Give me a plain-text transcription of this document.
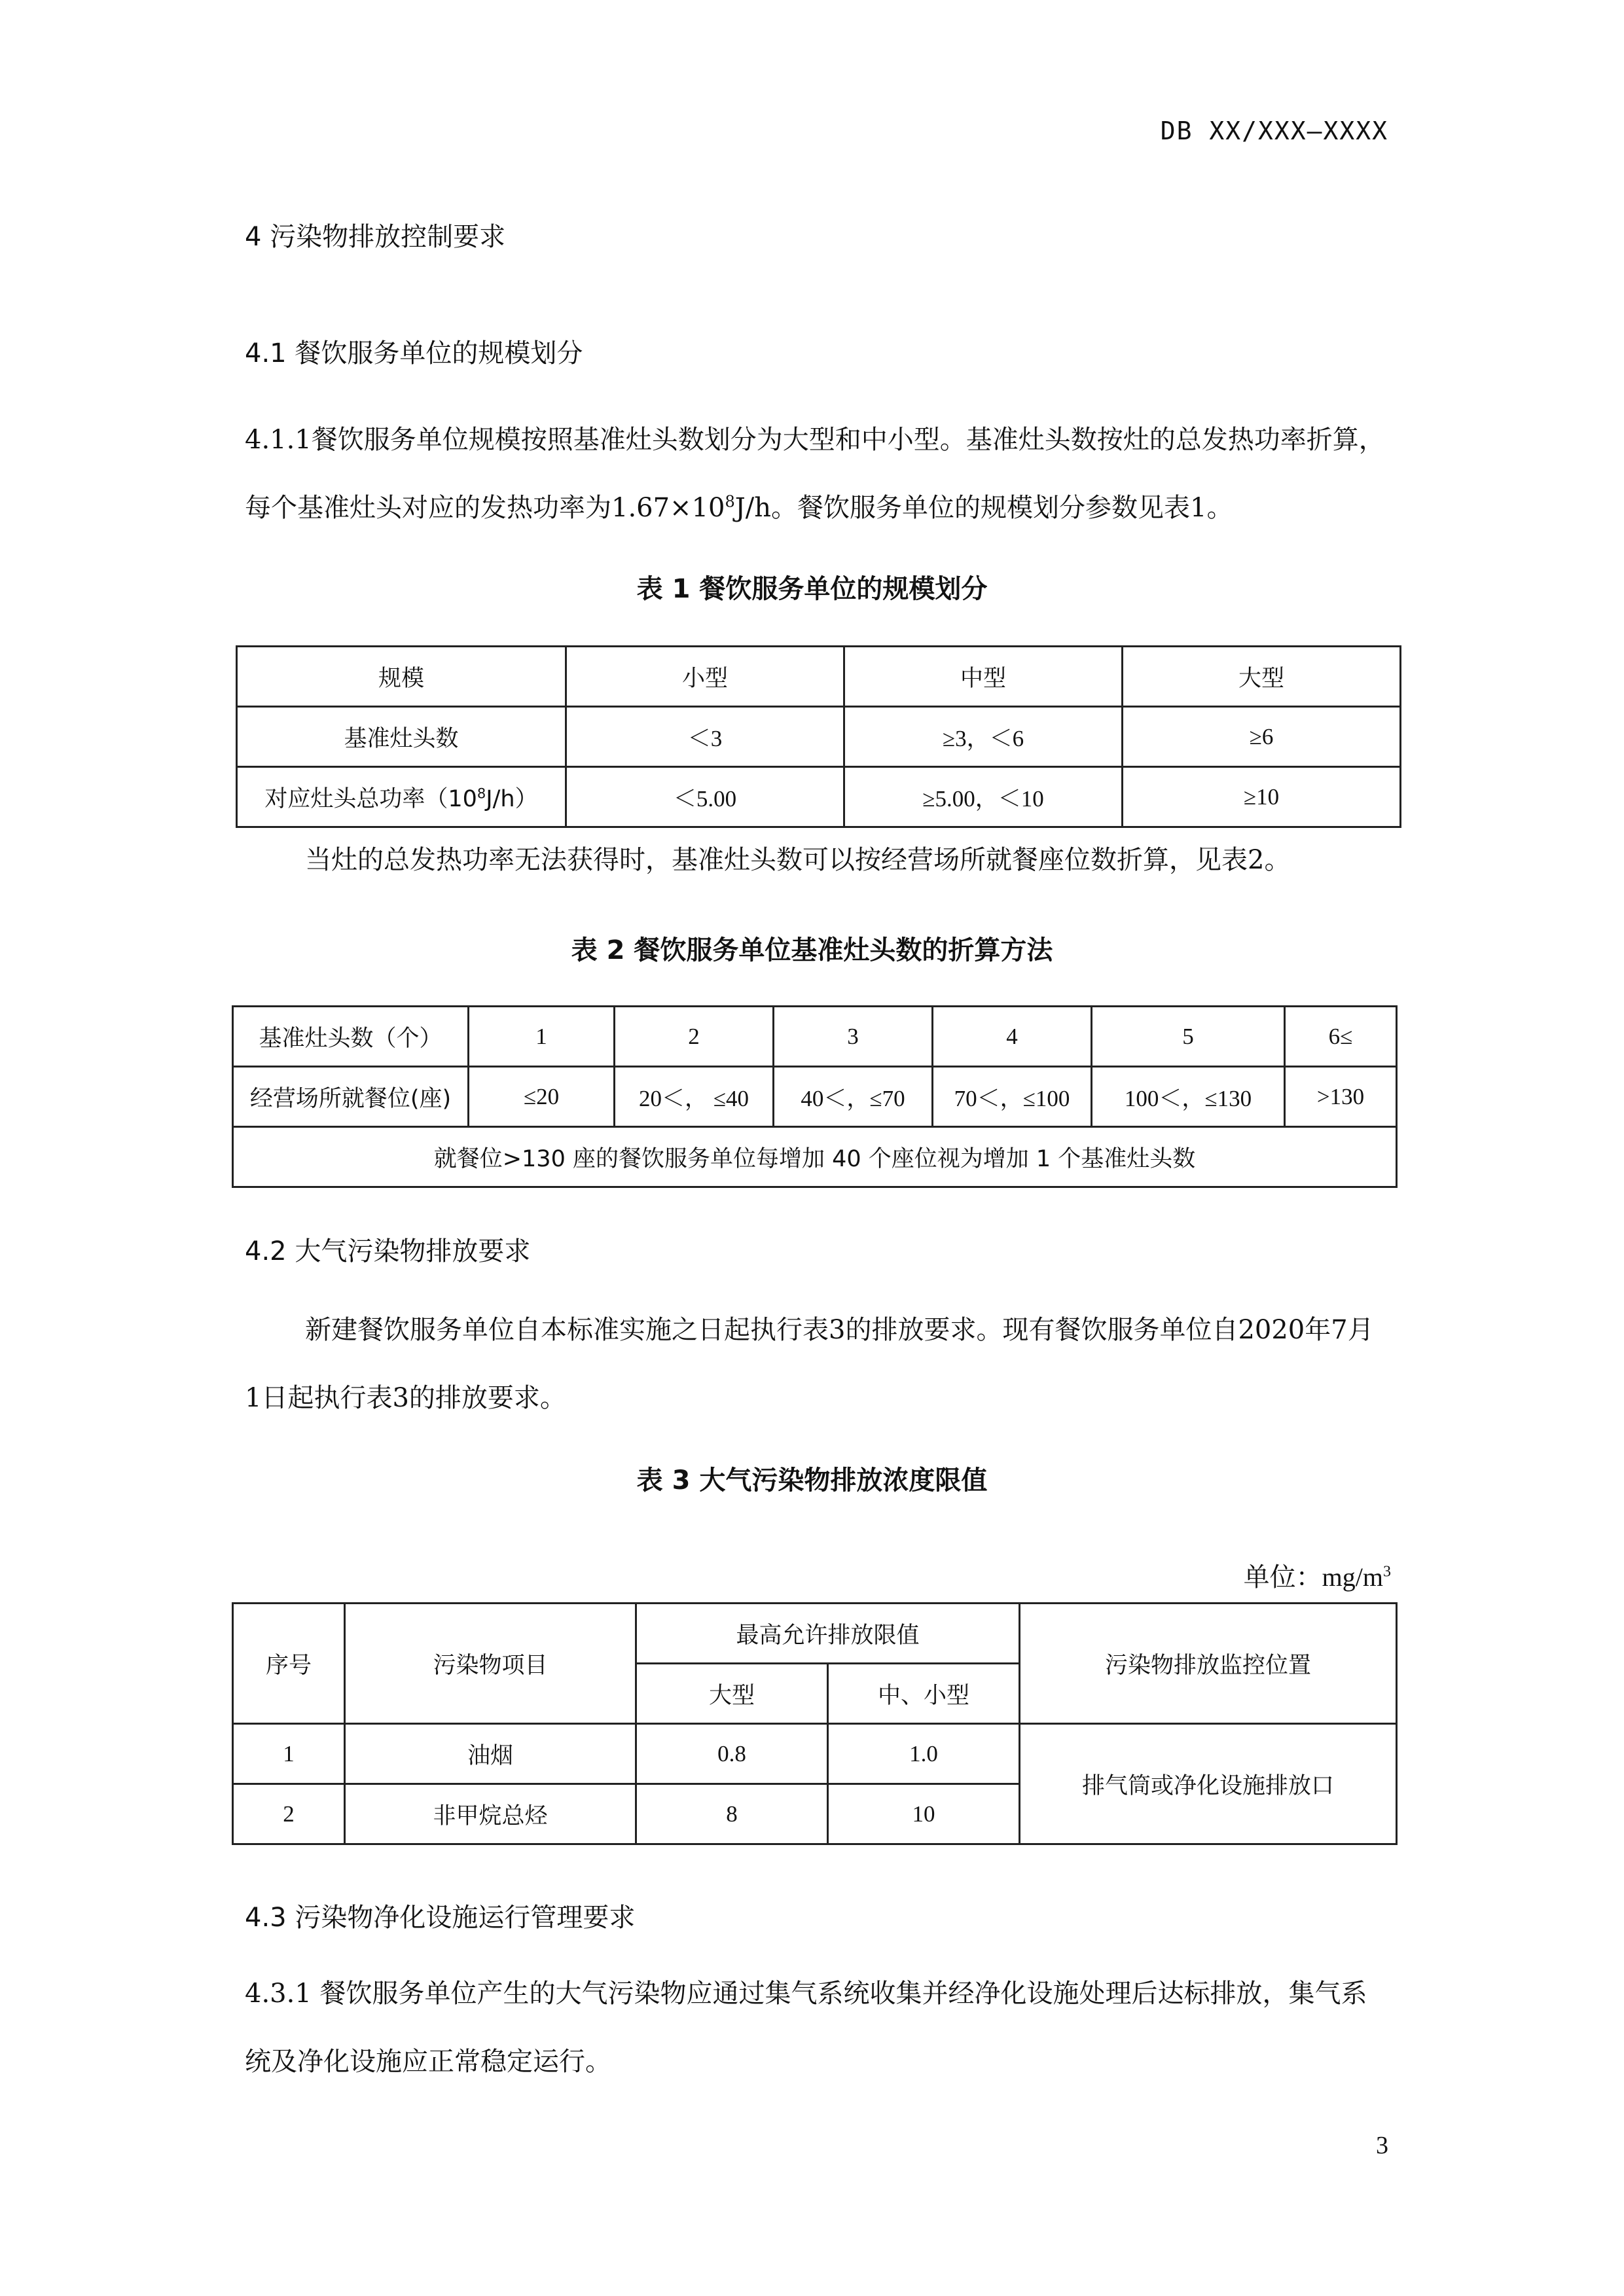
DB XX/XXX—XXXX
4 污染物排放控制要求
4.1 餐饮服务单位的规模划分
4.1.1餐饮服务单位规模按照基准灶头数划分为大型和中小型。基准灶头数按灶的总发热功率折算，每个基准灶头对应的发热功率为$1.67\times 10^8J/h$。餐饮服务单位的规模划分参数见表1。
表 1 餐饮服务单位的规模划分
规模	小型	中型	大型
基准灶头数	＜3	≥3，＜6	≥6
对应灶头总功率$(10^8J/h)$	＜5.00	≥5.00，＜10	≥10
当灶的总发热功率无法获得时，基准灶头数可以按经营场所就餐座位数折算，见表2。
表 2 餐饮服务单位基准灶头数的折算方法
基准灶头数（个）	1	2	3	4	5	6≤
经营场所就餐位(座)	≤20	20＜， ≤40	40＜，≤70	70＜，≤100	100＜，≤130	>130
就餐位>130 座的餐饮服务单位每增加 40 个座位视为增加 1 个基准灶头数						
4.2 大气污染物排放要求
新建餐饮服务单位自本标准实施之日起执行表3的排放要求。现有餐饮服务单位自2020年7月1日起执行表3的排放要求。
表 3 大气污染物排放浓度限值
单位：$mg/m^3$
序号	污染物项目	最高允许排放限值		污染物排放监控位置
		大型	中、小型	
1	油烟	0.8	1.0	排气筒或净化设施排放口
2	非甲烷总烃	8	10	
4.3 污染物净化设施运行管理要求
4.3.1 餐饮服务单位产生的大气污染物应通过集气系统收集并经净化设施处理后达标排放，集气系统及净化设施应正常稳定运行。
3
